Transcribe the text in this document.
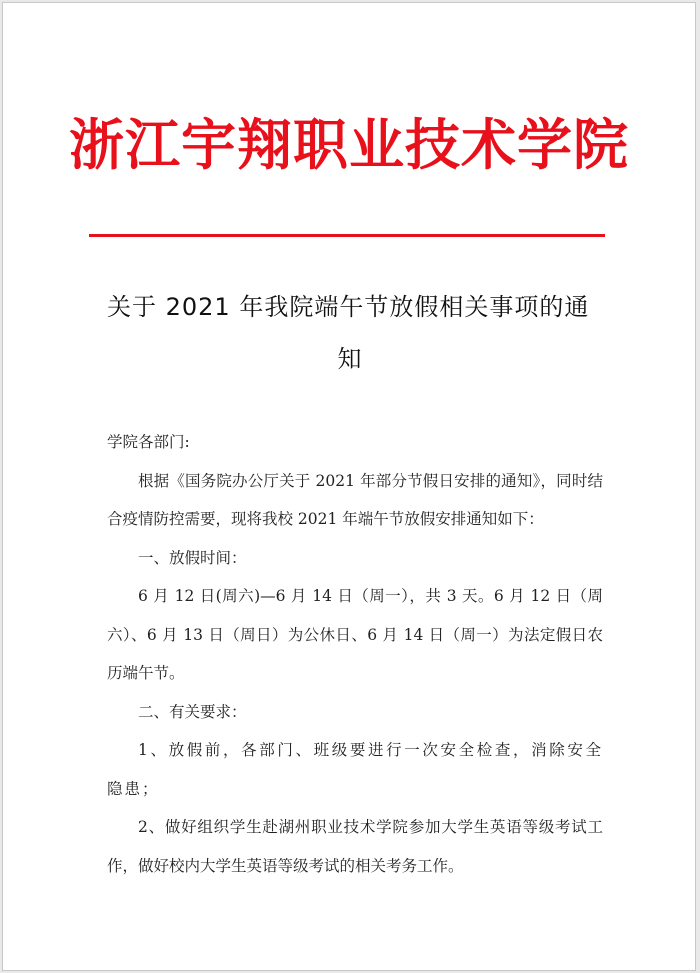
浙江宇翔职业技术学院
关于 2021 年我院端午节放假相关事项的通
知

学院各部门:

根据《国务院办公厅关于 2021 年部分节假日安排的通知》，同时结合疫情防控需要，现将我校 2021 年端午节放假安排通知如下：

一、放假时间：

6 月 12 日(周六)—6 月 14 日（周一），共 3 天。6 月 12 日（周六）、6 月 13 日（周日）为公休日、6 月 14 日（周一）为法定假日农历端午节。

二、有关要求：

1、放假前，各部门、班级要进行一次安全检查，消除安全隐患；

2、做好组织学生赴湖州职业技术学院参加大学生英语等级考试工作，做好校内大学生英语等级考试的相关考务工作。
